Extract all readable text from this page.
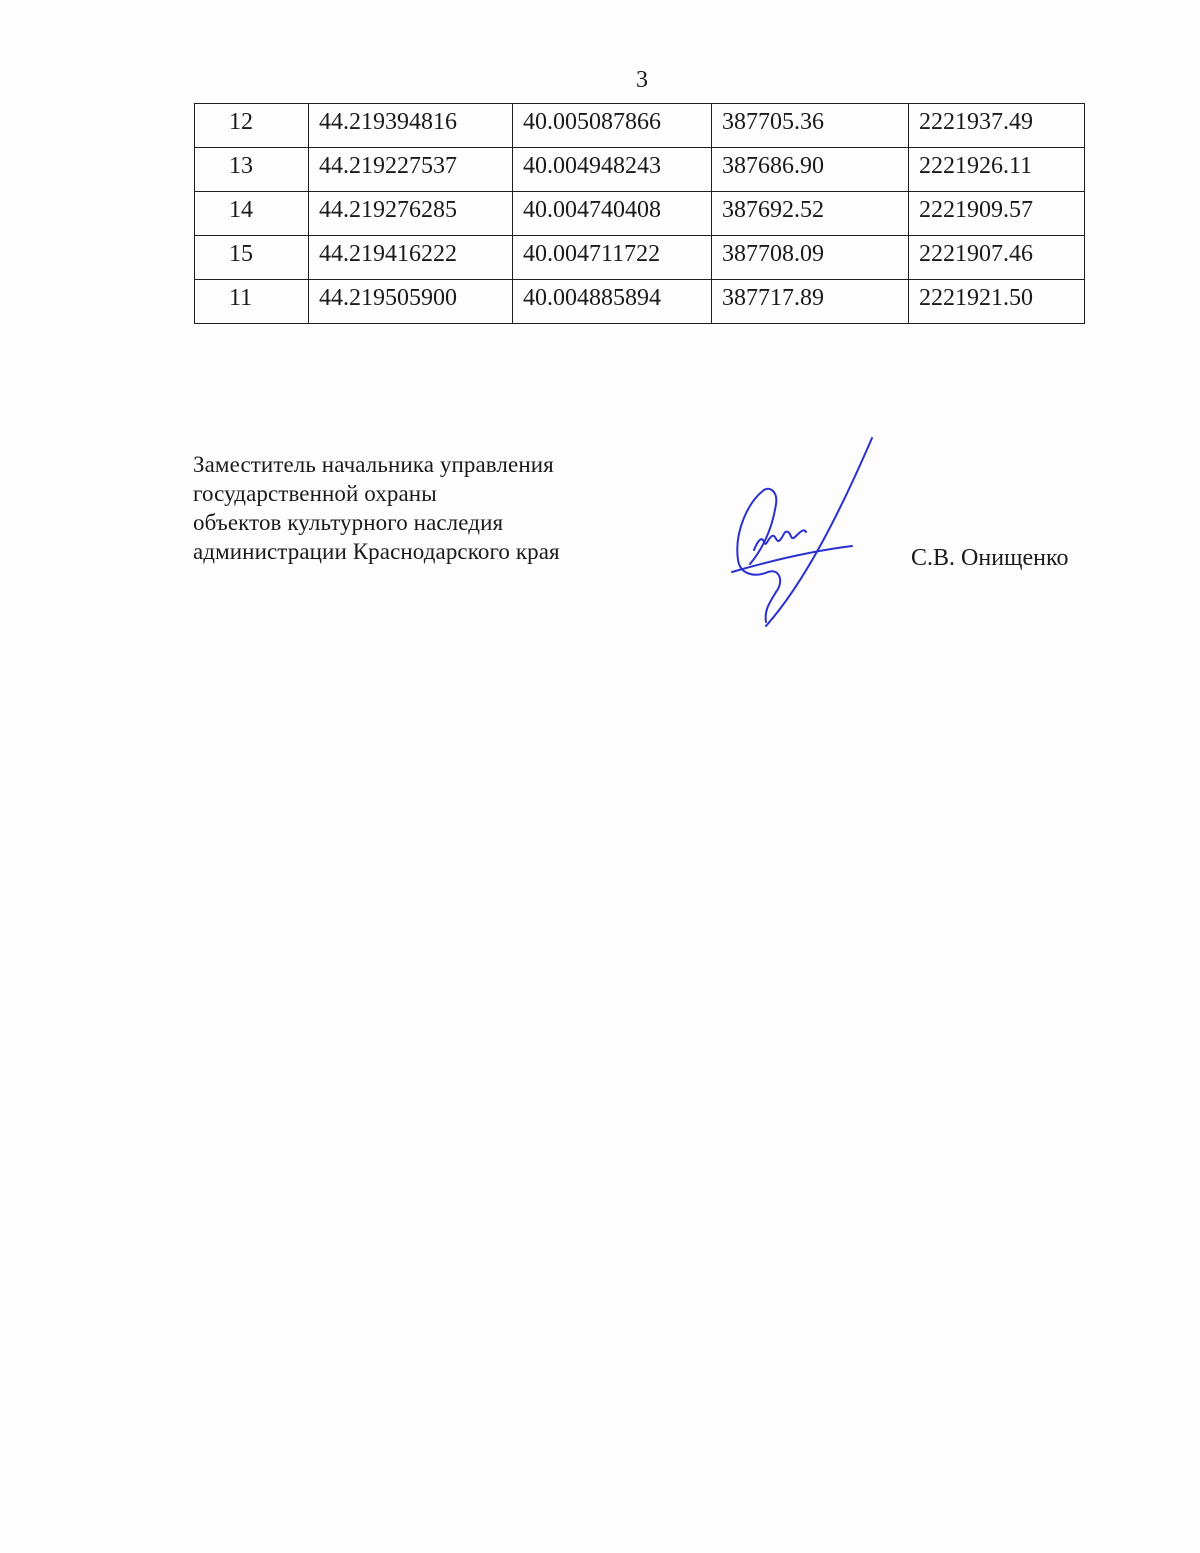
3
12	44.219394816	40.005087866	387705.36	2221937.49
13	44.219227537	40.004948243	387686.90	2221926.11
14	44.219276285	40.004740408	387692.52	2221909.57
15	44.219416222	40.004711722	387708.09	2221907.46
11	44.219505900	40.004885894	387717.89	2221921.50
Заместитель начальника управления
государственной охраны
объектов культурного наследия
администрации Краснодарского края	С.В. Онищенко
